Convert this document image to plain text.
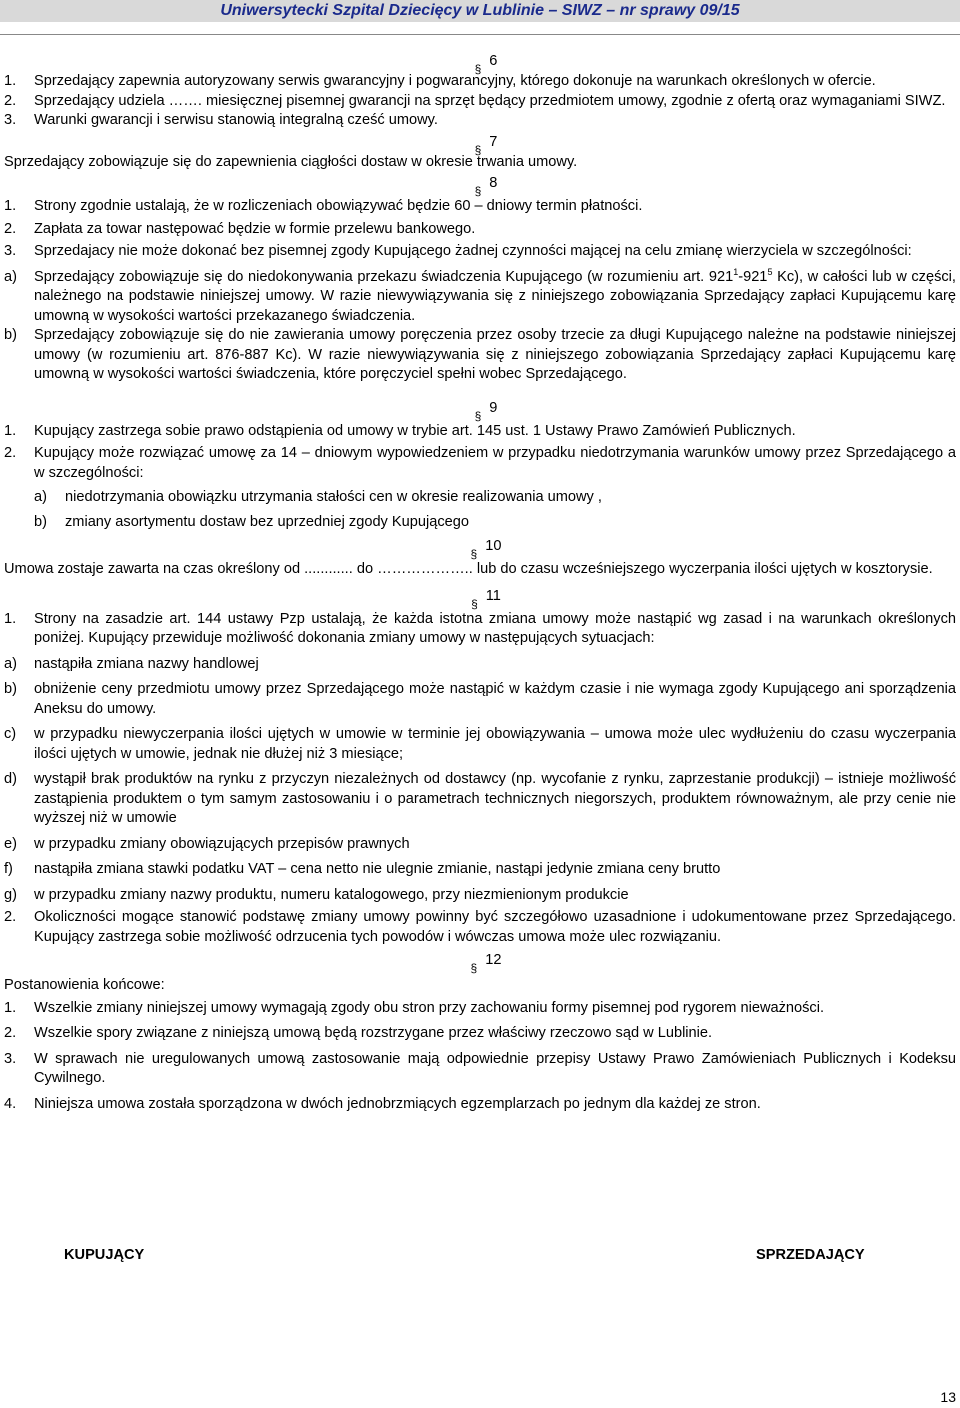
Uniwersytecki Szpital Dziecięcy w Lublinie – SIWZ – nr sprawy 09/15
§ 6
1.	Sprzedający zapewnia autoryzowany serwis gwarancyjny i pogwarancyjny, którego dokonuje na warunkach określonych w ofercie.
2.	Sprzedający udziela ……. miesięcznej pisemnej gwarancji na sprzęt będący przedmiotem umowy, zgodnie z ofertą oraz wymaganiami SIWZ.
3.	Warunki gwarancji i serwisu stanowią integralną cześć umowy.
§ 7

Sprzedający zobowiązuje się do zapewnienia ciągłości dostaw w okresie trwania umowy.

§ 8
1.	Strony zgodnie ustalają, że w rozliczeniach obowiązywać będzie 60 – dniowy termin płatności.
2.	Zapłata za towar następować będzie w formie przelewu bankowego.
3.	Sprzedajacy nie może dokonać bez pisemnej zgody Kupującego żadnej czynności mającej na celu zmianę wierzyciela w szczególności:
a)	Sprzedający zobowiązuje się do niedokonywania przekazu świadczenia Kupującego (w rozumieniu art. $921^1-921^5$ Kc), w całości lub w części, należnego na podstawie niniejszej umowy. W razie niewywiązywania się z niniejszego zobowiązania Sprzedający zapłaci Kupującemu karę umowną w wysokości wartości przekazanego świadczenia.
b)	Sprzedający zobowiązuje się do nie zawierania umowy poręczenia przez osoby trzecie za długi Kupującego należne na podstawie niniejszej umowy (w rozumieniu art. 876-887 Kc). W razie niewywiązywania się z niniejszego zobowiązania Sprzedający zapłaci Kupującemu karę umowną w wysokości wartości świadczenia, które poręczyciel spełni wobec Sprzedającego.
§ 9
1.	Kupujący zastrzega sobie prawo odstąpienia od umowy w trybie art. 145 ust. 1 Ustawy Prawo Zamówień Publicznych.
2.	Kupujący może rozwiązać umowę za 14 – dniowym wypowiedzeniem w przypadku niedotrzymania warunków umowy przez Sprzedającego a w szczególności:
a)	niedotrzymania obowiązku utrzymania stałości cen w okresie realizowania umowy ,
b)	zmiany asortymentu dostaw bez uprzedniej zgody Kupującego
§ 10

Umowa zostaje zawarta na czas określony od ............ do ……………….. lub do czasu wcześniejszego wyczerpania ilości ujętych w kosztorysie.

§ 11
1.	Strony na zasadzie art. 144 ustawy Pzp ustalają, że każda istotna zmiana umowy może nastąpić wg zasad i na warunkach określonych poniżej. Kupujący przewiduje możliwość dokonania zmiany umowy w następujących sytuacjach:
a)	nastąpiła zmiana nazwy handlowej
b)	obniżenie ceny przedmiotu umowy przez Sprzedającego może nastąpić w każdym czasie i nie wymaga zgody Kupującego ani sporządzenia Aneksu do umowy.
c)	w przypadku niewyczerpania ilości ujętych w umowie w terminie jej obowiązywania – umowa może ulec wydłużeniu do czasu wyczerpania ilości ujętych w umowie, jednak nie dłużej niż 3 miesiące;
d)	wystąpił brak produktów na rynku z przyczyn niezależnych od dostawcy (np. wycofanie z rynku, zaprzestanie produkcji) – istnieje możliwość zastąpienia produktem o tym samym zastosowaniu i o parametrach technicznych niegorszych, produktem równoważnym, ale przy cenie nie wyższej niż w umowie
e)	w przypadku zmiany obowiązujących przepisów prawnych
f)	nastąpiła zmiana stawki podatku VAT – cena netto nie ulegnie zmianie, nastąpi jedynie zmiana ceny brutto
g)	w przypadku zmiany nazwy produktu, numeru katalogowego, przy niezmienionym produkcie
2.	Okoliczności mogące stanowić podstawę zmiany umowy powinny być szczegółowo uzasadnione i udokumentowane przez Sprzedającego. Kupujący zastrzega sobie możliwość odrzucenia tych powodów i wówczas umowa może ulec rozwiązaniu.
§ 12

Postanowienia końcowe:

1.	Wszelkie zmiany niniejszej umowy wymagają zgody obu stron przy zachowaniu formy pisemnej pod rygorem nieważności.
2.	Wszelkie spory związane z niniejszą umową będą rozstrzygane przez właściwy rzeczowo sąd w Lublinie.
3.	W sprawach nie uregulowanych umową zastosowanie mają odpowiednie przepisy Ustawy Prawo Zamówieniach Publicznych i Kodeksu Cywilnego.
4.	Niniejsza umowa została sporządzona w dwóch jednobrzmiących egzemplarzach po jednym dla każdej ze stron.
KUPUJĄCY	SPRZEDAJĄCY
13
